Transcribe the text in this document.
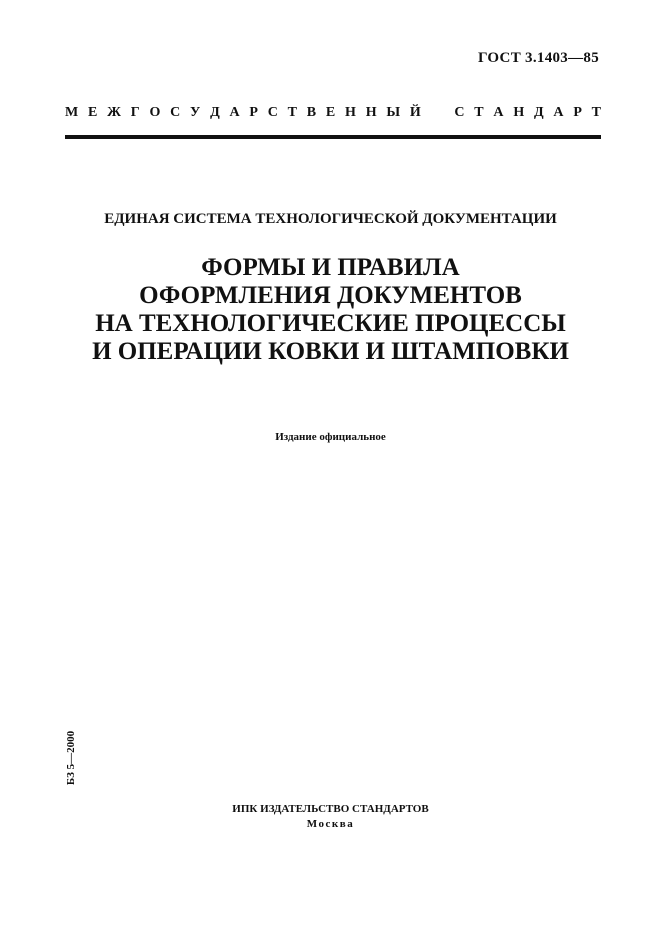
ГОСТ 3.1403—85
М Е Ж Г О С У Д А Р С Т В Е Н Н Ы Й С Т А Н Д А Р Т
ЕДИНАЯ СИСТЕМА ТЕХНОЛОГИЧЕСКОЙ ДОКУМЕНТАЦИИ
ФОРМЫ И ПРАВИЛА
ОФОРМЛЕНИЯ ДОКУМЕНТОВ
НА ТЕХНОЛОГИЧЕСКИЕ ПРОЦЕССЫ
И ОПЕРАЦИИ КОВКИ И ШТАМПОВКИ
Издание официальное
БЗ 5—2000
ИПК ИЗДАТЕЛЬСТВО СТАНДАРТОВ
Москва
